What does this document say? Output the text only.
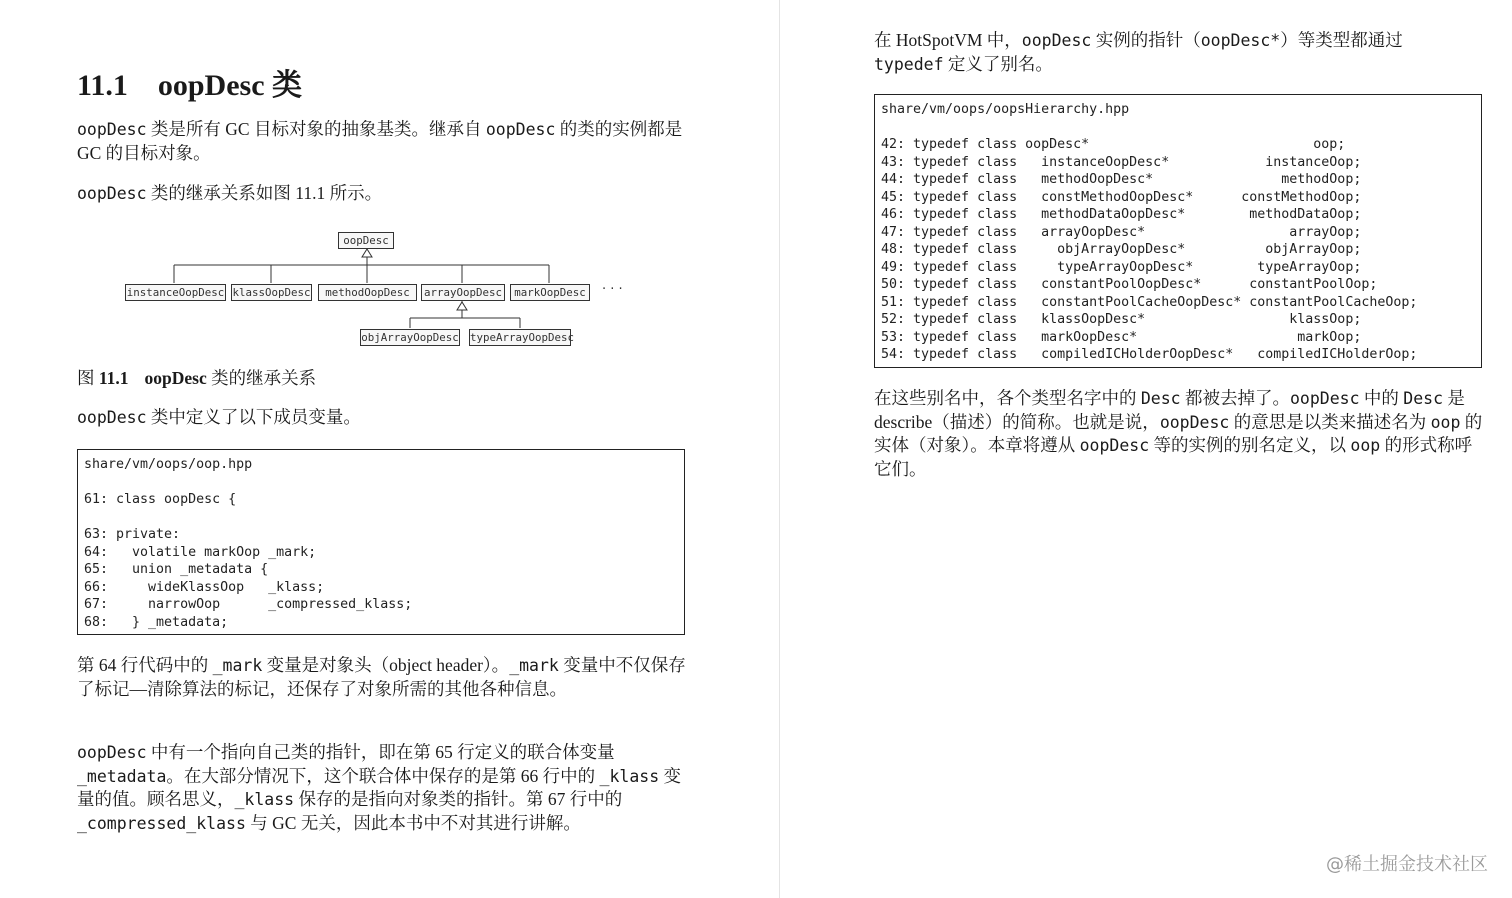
11.1 oopDesc 类

oopDesc 类是所有 GC 目标对象的抽象基类。继承自 oopDesc 的类的实例都是 GC 的目标对象。

oopDesc 类的继承关系如图 11.1 所示。

oopDesc
instanceOopDesc klassOopDesc	methodOopDesc	arrayOopDesc	markOopDesc	· · ·
objArrayOopDesc typeArrayOopDesc
图 11.1 oopDesc 类的继承关系

oopDesc 类中定义了以下成员变量。

share/vm/oops/oop.hpp
61: class oopDesc {
63: private:
64:   volatile markOop _mark;
65:   union _metadata {
66:     wideKlassOop   _klass;
67:     narrowOop      _compressed_klass;
68:   } _metadata;

第 64 行代码中的 _mark 变量是对象头（object header）。_mark 变量中不仅保存了标记—清除算法的标记，还保存了对象所需的其他各种信息。

oopDesc 中有一个指向自己类的指针，即在第 65 行定义的联合体变量 _metadata。在大部分情况下，这个联合体中保存的是第 66 行中的 _klass 变量的值。顾名思义，_klass 保存的是指向对象类的指针。第 67 行中的 _compressed_klass 与 GC 无关，因此本书中不对其进行讲解。

在 HotSpotVM 中，oopDesc 实例的指针（oopDesc*）等类型都通过 typedef 定义了别名。

share/vm/oops/oopsHierarchy.hpp
42: typedef class oopDesc*                            oop;
43: typedef class   instanceOopDesc*            instanceOop;
44: typedef class   methodOopDesc*                methodOop;
45: typedef class   constMethodOopDesc*      constMethodOop;
46: typedef class   methodDataOopDesc*        methodDataOop;
47: typedef class   arrayOopDesc*                  arrayOop;
48: typedef class     objArrayOopDesc*          objArrayOop;
49: typedef class     typeArrayOopDesc*        typeArrayOop;
50: typedef class   constantPoolOopDesc*      constantPoolOop;
51: typedef class   constantPoolCacheOopDesc* constantPoolCacheOop;
52: typedef class   klassOopDesc*                  klassOop;
53: typedef class   markOopDesc*                    markOop;
54: typedef class   compiledICHolderOopDesc*   compiledICHolderOop;

在这些别名中，各个类型名字中的 Desc 都被去掉了。oopDesc 中的 Desc 是 describe（描述）的简称。也就是说，oopDesc 的意思是以类来描述名为 oop 的实体（对象）。本章将遵从 oopDesc 等的实例的别名定义，以 oop 的形式称呼它们。

@稀土掘金技术社区
